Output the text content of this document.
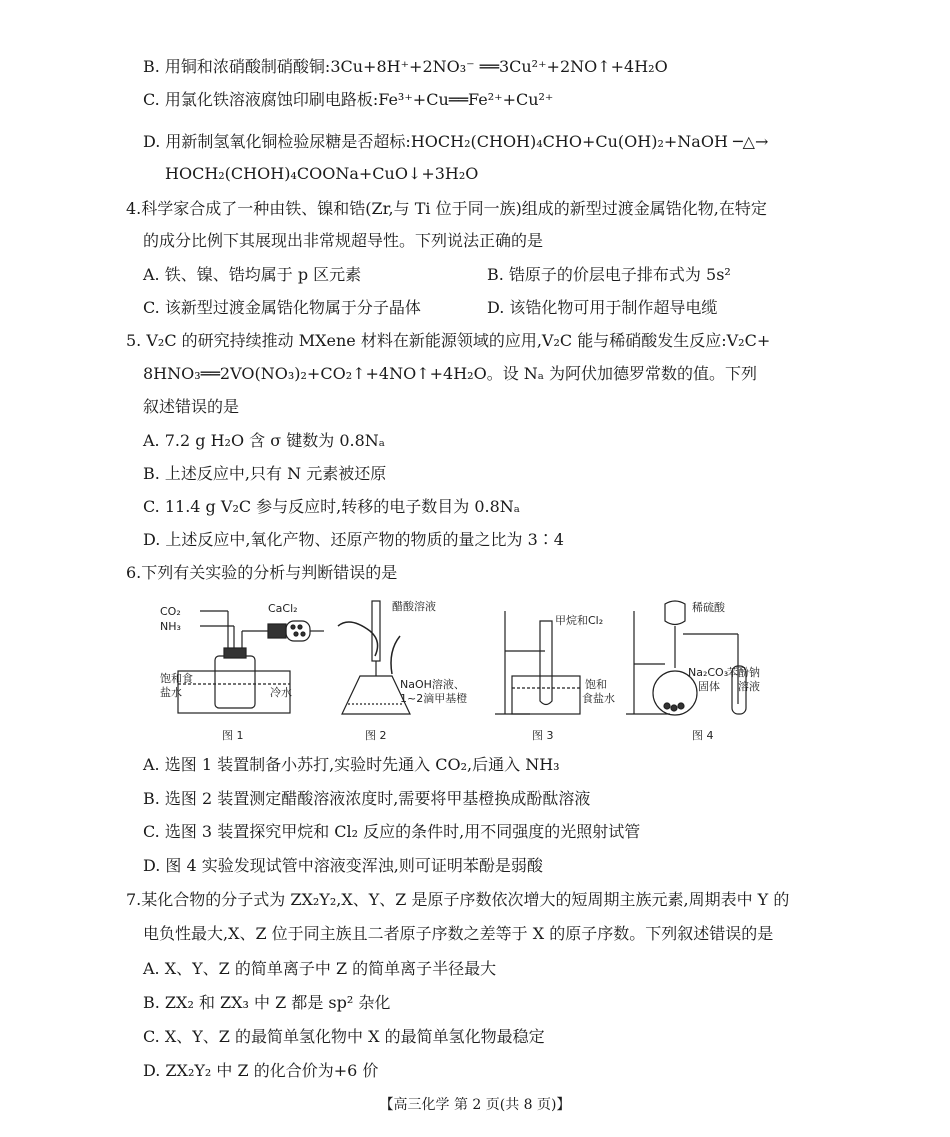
B. 用铜和浓硝酸制硝酸铜:3Cu+8H⁺+2NO₃⁻ ══3Cu²⁺+2NO↑+4H₂O
C. 用氯化铁溶液腐蚀印刷电路板:Fe³⁺+Cu══Fe²⁺+Cu²⁺
D. 用新制氢氧化铜检验尿糖是否超标:HOCH₂(CHOH)₄CHO+Cu(OH)₂+NaOH ─△→
HOCH₂(CHOH)₄COONa+CuO↓+3H₂O
4.科学家合成了一种由铁、镍和锆(Zr,与 Ti 位于同一族)组成的新型过渡金属锆化物,在特定
的成分比例下其展现出非常规超导性。下列说法正确的是
A. 铁、镍、锆均属于 p 区元素	B. 锆原子的价层电子排布式为 5s²
C. 该新型过渡金属锆化物属于分子晶体	D. 该锆化物可用于制作超导电缆
5. V₂C 的研究持续推动 MXene 材料在新能源领域的应用,V₂C 能与稀硝酸发生反应:V₂C+
8HNO₃══2VO(NO₃)₂+CO₂↑+4NO↑+4H₂O。设 Nₐ 为阿伏加德罗常数的值。下列
叙述错误的是
A. 7.2 g H₂O 含 σ 键数为 0.8Nₐ
B. 上述反应中,只有 N 元素被还原
C. 11.4 g V₂C 参与反应时,转移的电子数目为 0.8Nₐ
D. 上述反应中,氧化产物、还原产物的物质的量之比为 3∶4
6.下列有关实验的分析与判断错误的是
CO₂
NH₃
CaCl₂
饱和食
盐水	冷水
图 1
醋酸溶液
NaOH溶液、
1~2滴甲基橙
图 2
甲烷和Cl₂
饱和
食盐水
图 3
稀硫酸
Na₂CO₃
固体
苯酚钠
溶液
图 4
A. 选图 1 装置制备小苏打,实验时先通入 CO₂,后通入 NH₃
B. 选图 2 装置测定醋酸溶液浓度时,需要将甲基橙换成酚酞溶液
C. 选图 3 装置探究甲烷和 Cl₂ 反应的条件时,用不同强度的光照射试管
D. 图 4 实验发现试管中溶液变浑浊,则可证明苯酚是弱酸
7.某化合物的分子式为 ZX₂Y₂,X、Y、Z 是原子序数依次增大的短周期主族元素,周期表中 Y 的
电负性最大,X、Z 位于同主族且二者原子序数之差等于 X 的原子序数。下列叙述错误的是
A. X、Y、Z 的简单离子中 Z 的简单离子半径最大
B. ZX₂ 和 ZX₃ 中 Z 都是 sp² 杂化
C. X、Y、Z 的最简单氢化物中 X 的最简单氢化物最稳定
D. ZX₂Y₂ 中 Z 的化合价为+6 价
【高三化学 第 2 页(共 8 页)】
